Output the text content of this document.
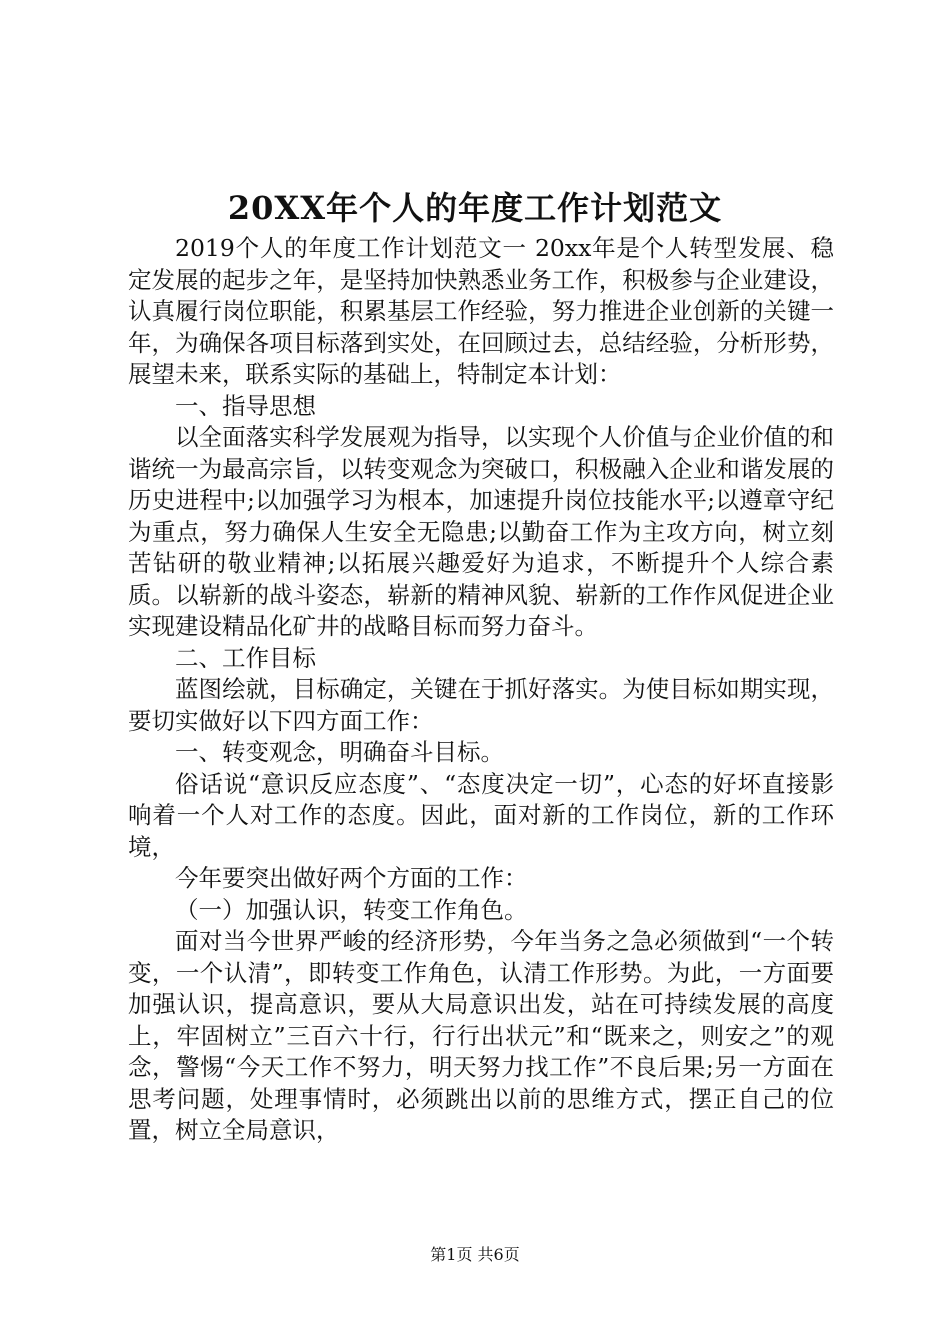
20XX年个人的年度工作计划范文

2019个人的年度工作计划范文一 20xx年是个人转型发展、稳定发展的起步之年，是坚持加快熟悉业务工作，积极参与企业建设，认真履行岗位职能，积累基层工作经验，努力推进企业创新的关键一年，为确保各项目标落到实处，在回顾过去，总结经验，分析形势，展望未来，联系实际的基础上，特制定本计划：

一、指导思想

以全面落实科学发展观为指导，以实现个人价值与企业价值的和谐统一为最高宗旨，以转变观念为突破口，积极融入企业和谐发展的历史进程中;以加强学习为根本，加速提升岗位技能水平;以遵章守纪为重点，努力确保人生安全无隐患;以勤奋工作为主攻方向，树立刻苦钻研的敬业精神;以拓展兴趣爱好为追求，不断提升个人综合素质。以崭新的战斗姿态，崭新的精神风貌、崭新的工作作风促进企业实现建设精品化矿井的战略目标而努力奋斗。

二、工作目标

蓝图绘就，目标确定，关键在于抓好落实。为使目标如期实现，要切实做好以下四方面工作：

一、转变观念，明确奋斗目标。

俗话说“意识反应态度”、“态度决定一切”，心态的好坏直接影响着一个人对工作的态度。因此，面对新的工作岗位，新的工作环境，

今年要突出做好两个方面的工作：

（一）加强认识，转变工作角色。

面对当今世界严峻的经济形势，今年当务之急必须做到“一个转变，一个认清”，即转变工作角色，认清工作形势。为此，一方面要加强认识，提高意识，要从大局意识出发，站在可持续发展的高度上，牢固树立”三百六十行，行行出状元”和“既来之，则安之”的观念，警惕“今天工作不努力，明天努力找工作”不良后果;另一方面在思考问题，处理事情时，必须跳出以前的思维方式，摆正自己的位置，树立全局意识，

第1页 共6页
